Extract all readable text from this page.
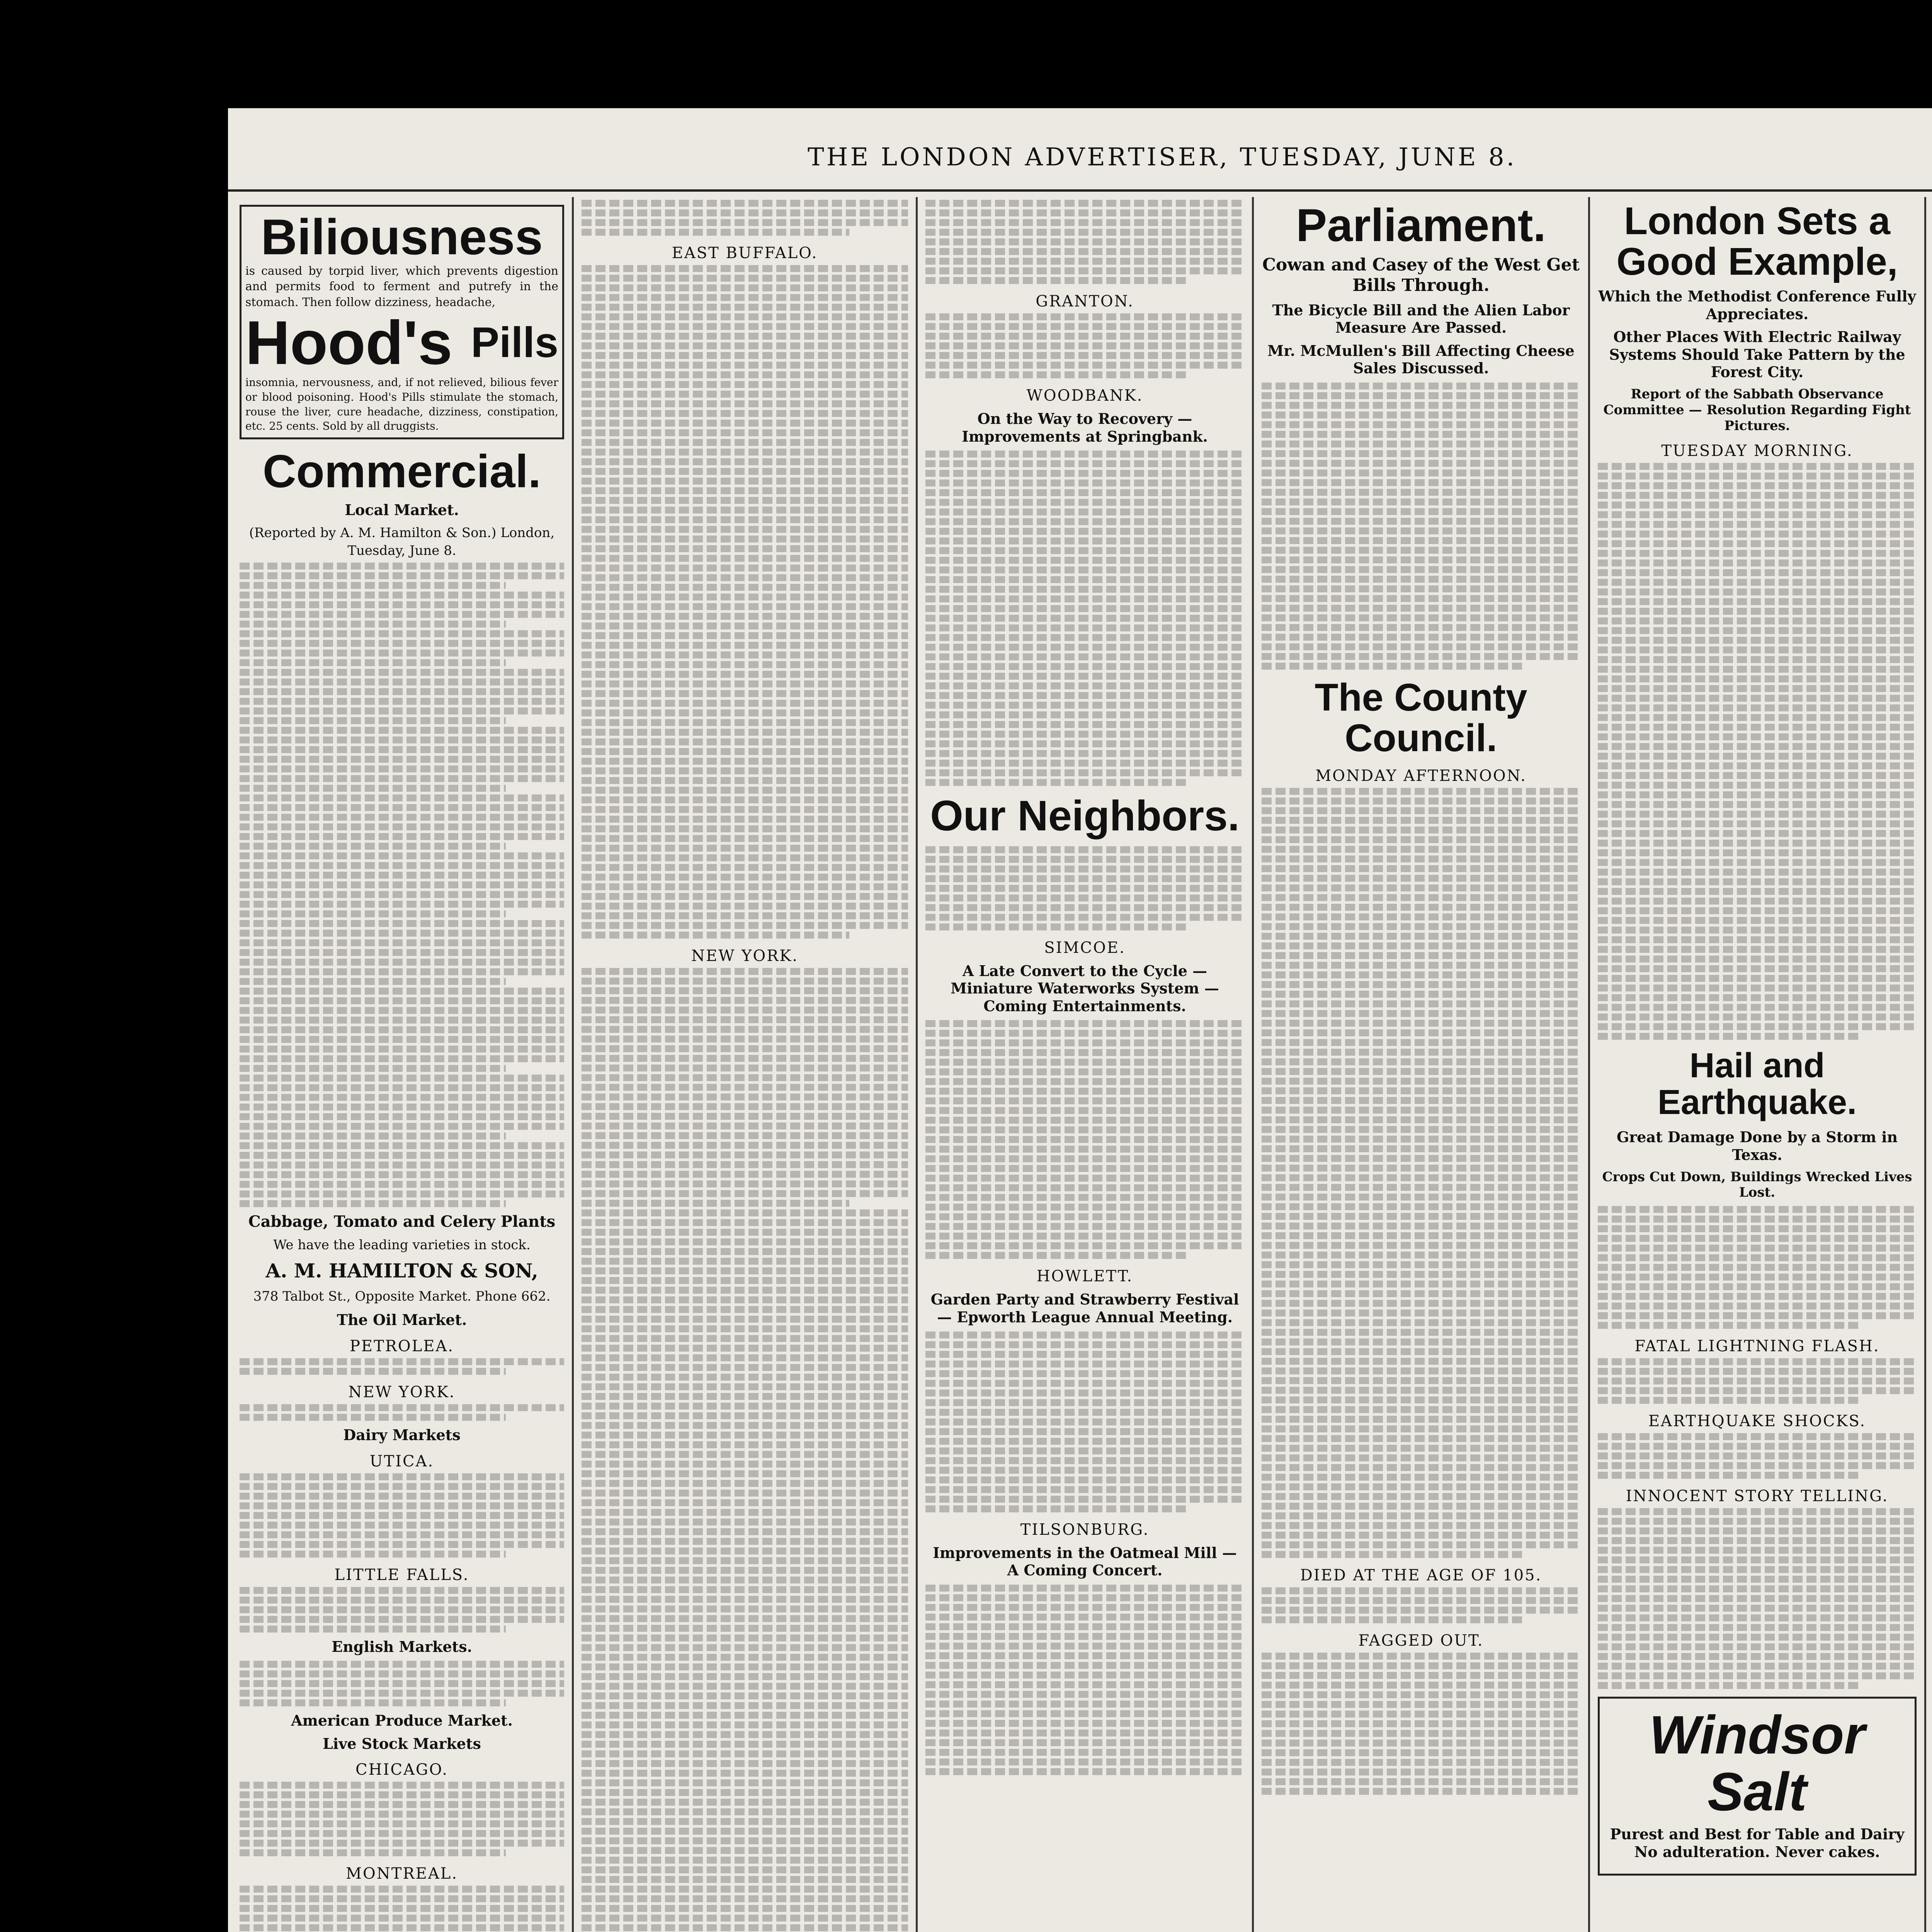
THE LONDON ADVERTISER, TUESDAY, JUNE 8.
Biliousness
is caused by torpid liver, which prevents digestion and permits food to ferment and putrefy in the stomach. Then follow dizziness, headache,
Hood's Pills
insomnia, nervousness, and, if not relieved, bilious fever or blood poisoning. Hood's Pills stimulate the stomach, rouse the liver, cure headache, dizziness, constipation, etc. 25 cents. Sold by all druggists.
Commercial.
Local Market.
(Reported by A. M. Hamilton & Son.) London, Tuesday, June 8.
Cabbage, Tomato and Celery Plants
We have the leading varieties in stock.
A. M. HAMILTON & SON,
378 Talbot St., Opposite Market. Phone 662.
The Oil Market.
PETROLEA.
NEW YORK.
Dairy Markets
UTICA.
LITTLE FALLS.
English Markets.
American Produce Market.
Live Stock Markets
CHICAGO.
MONTREAL.
EAST BUFFALO.
NEW YORK.
GRANTON.
WOODBANK.
On the Way to Recovery — Improvements at Springbank.
Our Neighbors.
SIMCOE.
A Late Convert to the Cycle — Miniature Waterworks System — Coming Entertainments.
HOWLETT.
Garden Party and Strawberry Festival — Epworth League Annual Meeting.
TILSONBURG.
Improvements in the Oatmeal Mill — A Coming Concert.
Parliament.
Cowan and Casey of the West Get Bills Through.
The Bicycle Bill and the Alien Labor Measure Are Passed.
Mr. McMullen's Bill Affecting Cheese Sales Discussed.
The County Council.
MONDAY AFTERNOON.
DIED AT THE AGE OF 105.
FAGGED OUT.
London Sets a Good Example,
Which the Methodist Conference Fully Appreciates.
Other Places With Electric Railway Systems Should Take Pattern by the Forest City.
Report of the Sabbath Observance Committee — Resolution Regarding Fight Pictures.
TUESDAY MORNING.
Hail and Earthquake.
Great Damage Done by a Storm in Texas.
Crops Cut Down, Buildings Wrecked Lives Lost.
FATAL LIGHTNING FLASH.
EARTHQUAKE SHOCKS.
INNOCENT STORY TELLING.
Windsor Salt
Purest and Best for Table and Dairy No adulteration. Never cakes.
